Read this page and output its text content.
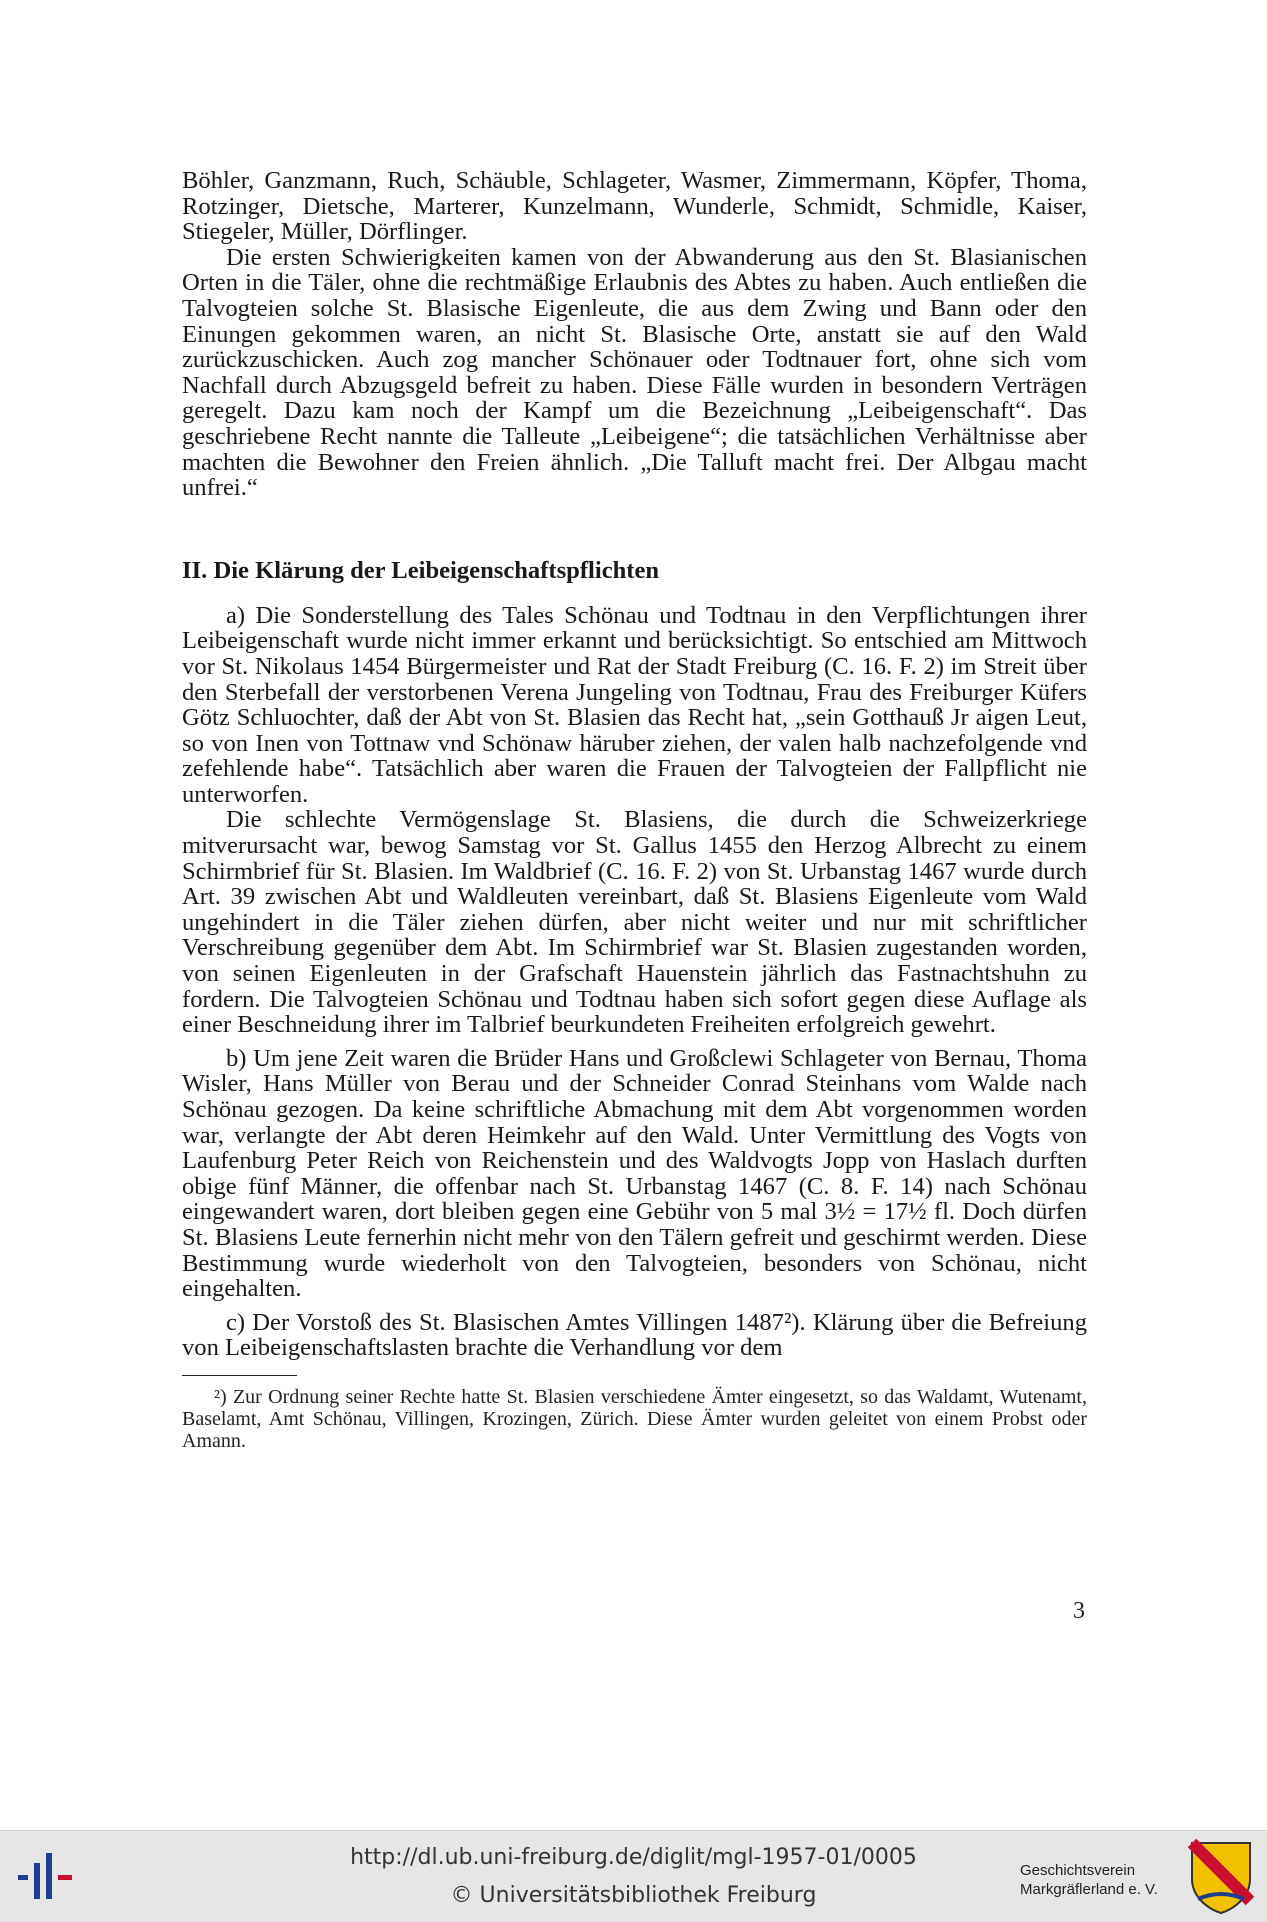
Böhler, Ganzmann, Ruch, Schäuble, Schlageter, Wasmer, Zimmermann, Köpfer, Thoma, Rotzinger, Dietsche, Marterer, Kunzelmann, Wunderle, Schmidt, Schmidle, Kaiser, Stiegeler, Müller, Dörflinger.

Die ersten Schwierigkeiten kamen von der Abwanderung aus den St. Blasianischen Orten in die Täler, ohne die rechtmäßige Erlaubnis des Abtes zu haben. Auch entließen die Talvogteien solche St. Blasische Eigenleute, die aus dem Zwing und Bann oder den Einungen gekommen waren, an nicht St. Blasische Orte, anstatt sie auf den Wald zurückzuschicken. Auch zog mancher Schönauer oder Todtnauer fort, ohne sich vom Nachfall durch Abzugsgeld befreit zu haben. Diese Fälle wurden in besondern Verträgen geregelt. Dazu kam noch der Kampf um die Bezeichnung „Leibeigenschaft“. Das geschriebene Recht nannte die Talleute „Leibeigene“; die tatsächlichen Verhältnisse aber machten die Bewohner den Freien ähnlich. „Die Talluft macht frei. Der Albgau macht unfrei.“

II. Die Klärung der Leibeigenschaftspflichten

a) Die Sonderstellung des Tales Schönau und Todtnau in den Verpflichtungen ihrer Leibeigenschaft wurde nicht immer erkannt und berücksichtigt. So entschied am Mittwoch vor St. Nikolaus 1454 Bürgermeister und Rat der Stadt Freiburg (C. 16. F. 2) im Streit über den Sterbefall der verstorbenen Verena Jungeling von Todtnau, Frau des Freiburger Küfers Götz Schluochter, daß der Abt von St. Blasien das Recht hat, „sein Gotthauß Jr aigen Leut, so von Inen von Tottnaw vnd Schönaw häruber ziehen, der valen halb nachzefolgende vnd zefehlende habe“. Tatsächlich aber waren die Frauen der Talvogteien der Fallpflicht nie unterworfen.

Die schlechte Vermögenslage St. Blasiens, die durch die Schweizerkriege mitverursacht war, bewog Samstag vor St. Gallus 1455 den Herzog Albrecht zu einem Schirmbrief für St. Blasien. Im Waldbrief (C. 16. F. 2) von St. Urbanstag 1467 wurde durch Art. 39 zwischen Abt und Waldleuten vereinbart, daß St. Blasiens Eigenleute vom Wald ungehindert in die Täler ziehen dürfen, aber nicht weiter und nur mit schriftlicher Verschreibung gegenüber dem Abt. Im Schirmbrief war St. Blasien zugestanden worden, von seinen Eigenleuten in der Grafschaft Hauenstein jährlich das Fastnachtshuhn zu fordern. Die Talvogteien Schönau und Todtnau haben sich sofort gegen diese Auflage als einer Beschneidung ihrer im Talbrief beurkundeten Freiheiten erfolgreich gewehrt.

b) Um jene Zeit waren die Brüder Hans und Großclewi Schlageter von Bernau, Thoma Wisler, Hans Müller von Berau und der Schneider Conrad Steinhans vom Walde nach Schönau gezogen. Da keine schriftliche Abmachung mit dem Abt vorgenommen worden war, verlangte der Abt deren Heimkehr auf den Wald. Unter Vermittlung des Vogts von Laufenburg Peter Reich von Reichenstein und des Waldvogts Jopp von Haslach durften obige fünf Männer, die offenbar nach St. Urbanstag 1467 (C. 8. F. 14) nach Schönau eingewandert waren, dort bleiben gegen eine Gebühr von 5 mal 3½ = 17½ fl. Doch dürfen St. Blasiens Leute fernerhin nicht mehr von den Tälern gefreit und geschirmt werden. Diese Bestimmung wurde wiederholt von den Talvogteien, besonders von Schönau, nicht eingehalten.

c) Der Vorstoß des St. Blasischen Amtes Villingen 1487²). Klärung über die Befreiung von Leibeigenschaftslasten brachte die Verhandlung vor dem

²) Zur Ordnung seiner Rechte hatte St. Blasien verschiedene Ämter eingesetzt, so das Waldamt, Wutenamt, Baselamt, Amt Schönau, Villingen, Krozingen, Zürich. Diese Ämter wurden geleitet von einem Probst oder Amann.

3
http://dl.ub.uni-freiburg.de/diglit/mgl-1957-01/0005
© Universitätsbibliothek Freiburg
Geschichtsverein
Markgräflerland e. V.
